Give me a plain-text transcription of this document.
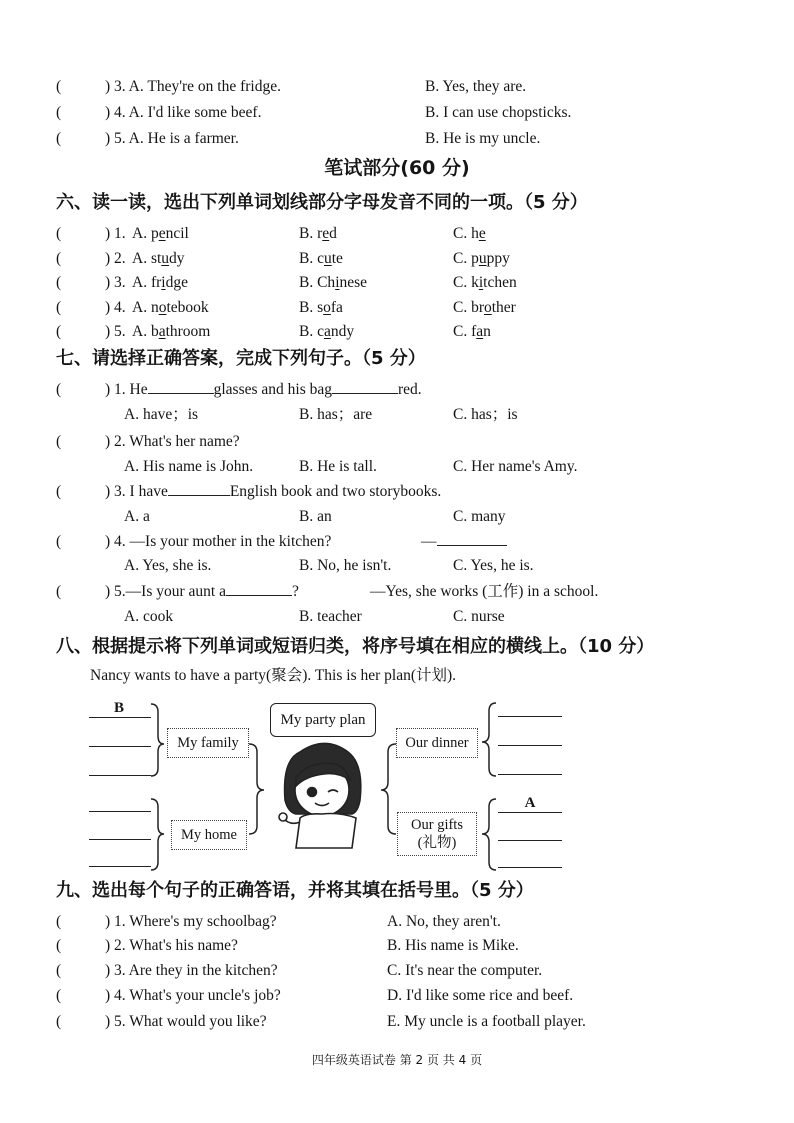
( ) 3. A. They're on the fridge.	B. Yes, they are.
( ) 4. A. I'd like some beef.	B. I can use chopsticks.
( ) 5. A. He is a farmer.	B. He is my uncle.
笔试部分(60 分)
六、读一读，选出下列单词划线部分字母发音不同的一项。（5 分）
( ) 1. A. pencil	B. red	C. he
( ) 2. A. study	B. cute	C. puppy
( ) 3. A. fridge	B. Chinese	C. kitchen
( ) 4. A. notebook	B. sofa	C. brother
( ) 5. A. bathroom	B. candy	C. fan
七、请选择正确答案，完成下列句子。（5 分）
( ) 1. He	glasses and his bag	red.
A. have；is	B. has；are	C. has；is
( ) 2. What's her name?
A. His name is John.	B. He is tall.	C. Her name's Amy.
( ) 3. I have	English book and two storybooks.
A. a	B. an	C. many
( ) 4. —Is your mother in the kitchen?	—
A. Yes, she is.	B. No, he isn't.	C. Yes, he is.
( ) 5.—Is your aunt a	?	—Yes, she works (工作) in a school.
A. cook	B. teacher	C. nurse
八、根据提示将下列单词或短语归类，将序号填在相应的横线上。（10 分）
Nancy wants to have a party(聚会). This is her plan(计划).
B
A
My party plan
My family
My home
Our dinner
Our gifts
(礼物)
九、选出每个句子的正确答语，并将其填在括号里。（5 分）
( ) 1. Where's my schoolbag?	A. No, they aren't.
( ) 2. What's his name?	B. His name is Mike.
( ) 3. Are they in the kitchen?	C. It's near the computer.
( ) 4. What's your uncle's job?	D. I'd like some rice and beef.
( ) 5. What would you like?	E. My uncle is a football player.
四年级英语试卷 第 2 页 共 4 页
